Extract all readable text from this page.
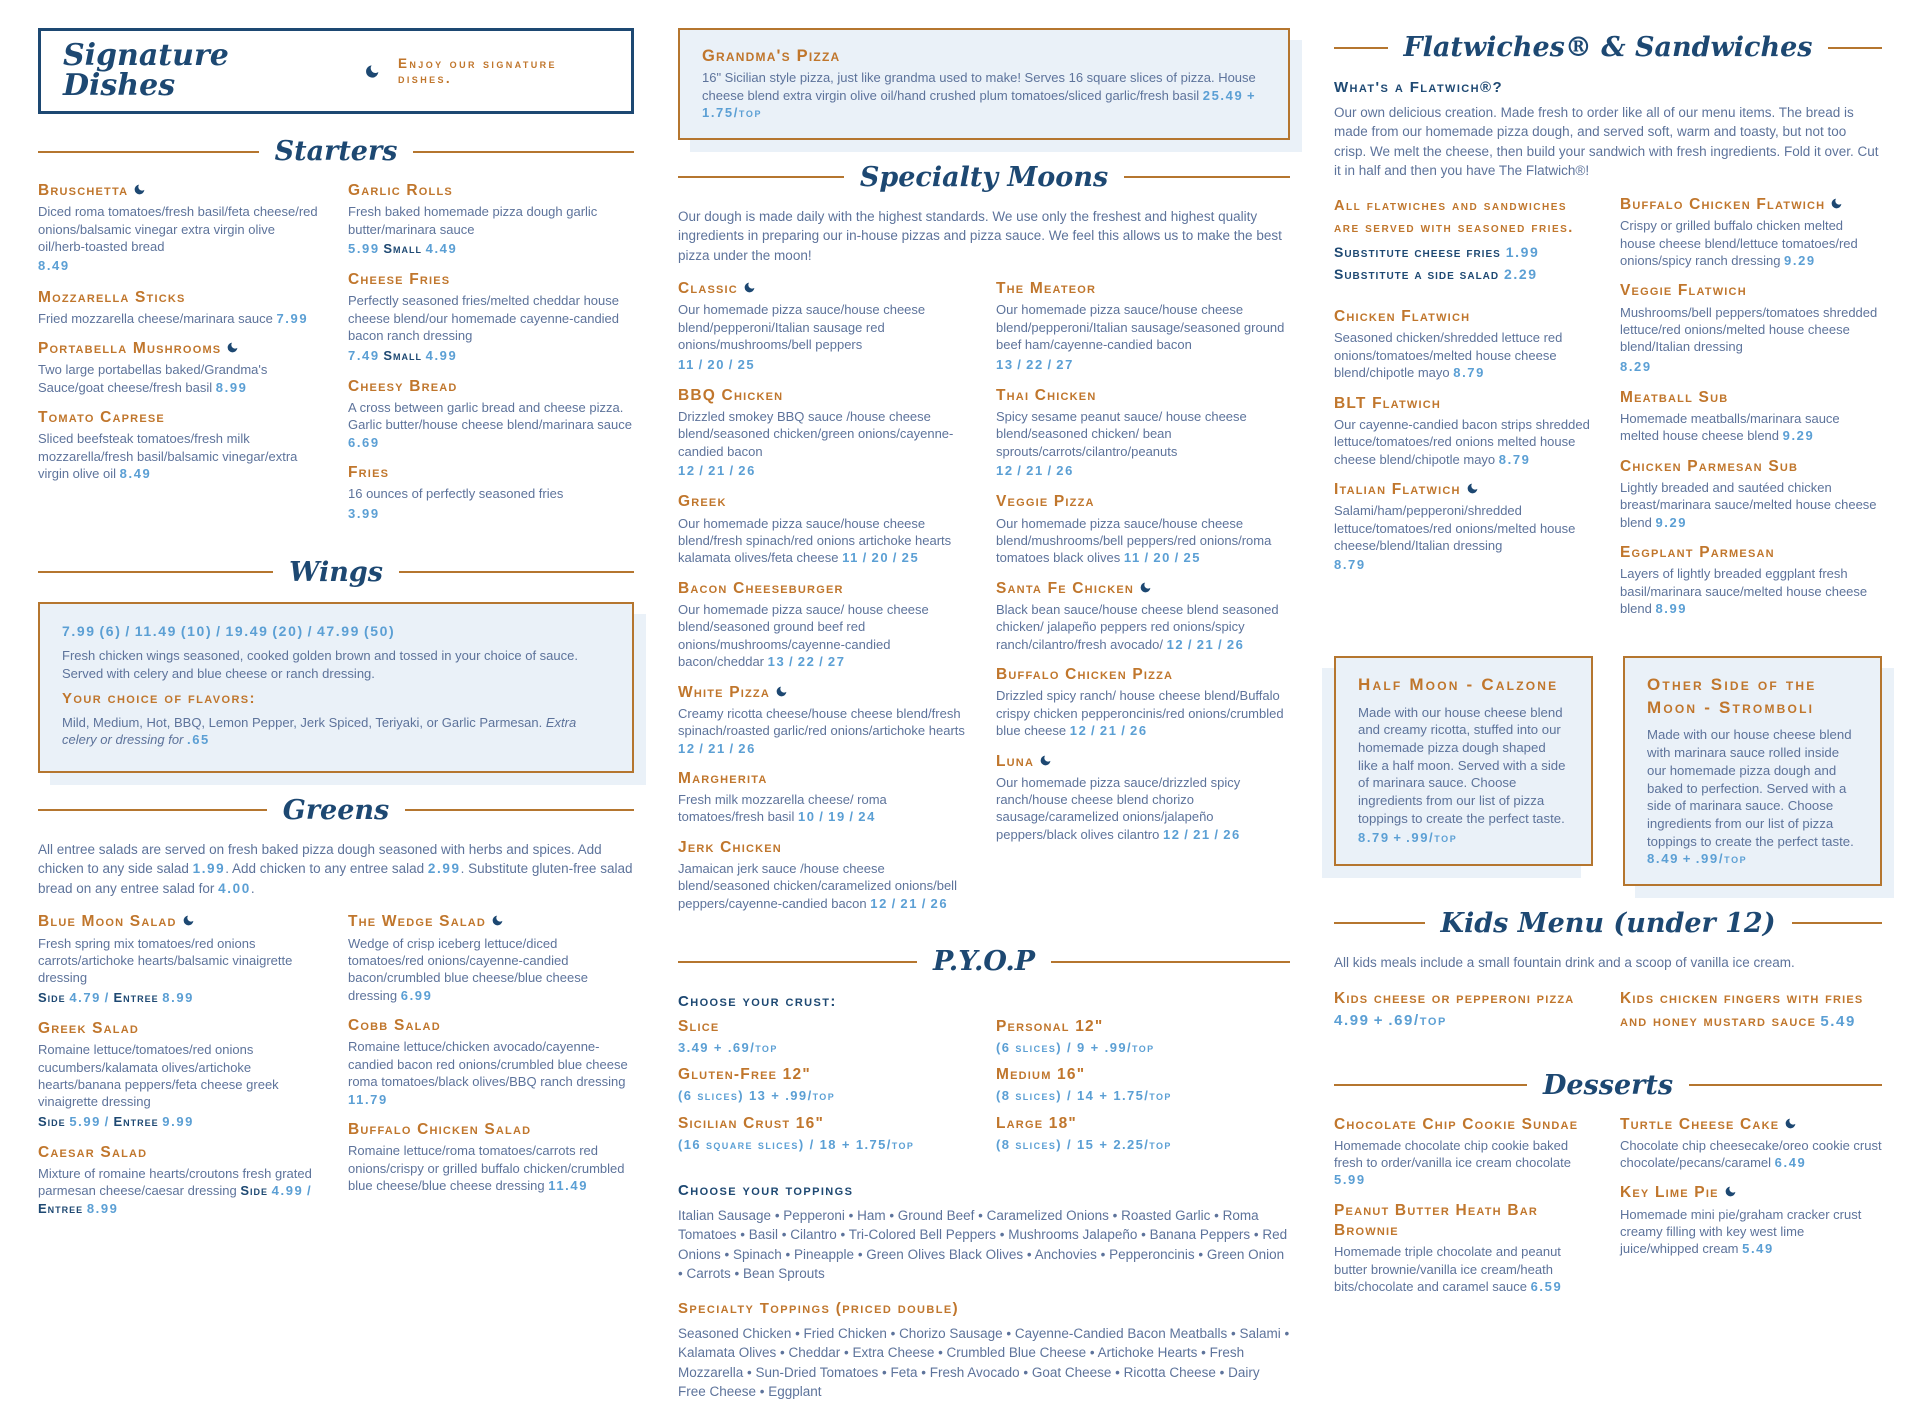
Signature Dishes
Enjoy our signature dishes.
Starters
Bruschetta

Diced roma tomatoes/fresh basil/feta cheese/red onions/balsamic vinegar extra virgin olive oil/herb-toasted bread

8.49
Mozzarella Sticks

Fried mozzarella cheese/marinara sauce 7.99

Portabella Mushrooms

Two large portabellas baked/Grandma's Sauce/goat cheese/fresh basil 8.99

Tomato Caprese

Sliced beefsteak tomatoes/fresh milk mozzarella/fresh basil/balsamic vinegar/extra virgin olive oil 8.49

Garlic Rolls

Fresh baked homemade pizza dough garlic butter/marinara sauce

5.99 Small 4.49
Cheese Fries

Perfectly seasoned fries/melted cheddar house cheese blend/our homemade cayenne-candied bacon ranch dressing

7.49 Small 4.99
Cheesy Bread

A cross between garlic bread and cheese pizza. Garlic butter/house cheese blend/marinara sauce 6.69

Fries

16 ounces of perfectly seasoned fries

3.99
Wings
7.99 (6) / 11.49 (10) / 19.49 (20) / 47.99 (50)

Fresh chicken wings seasoned, cooked golden brown and tossed in your choice of sauce. Served with celery and blue cheese or ranch dressing.

Your choice of flavors:

Mild, Medium, Hot, BBQ, Lemon Pepper, Jerk Spiced, Teriyaki, or Garlic Parmesan. Extra celery or dressing for .65

Greens

All entree salads are served on fresh baked pizza dough seasoned with herbs and spices. Add chicken to any side salad 1.99. Add chicken to any entree salad 2.99. Substitute gluten-free salad bread on any entree salad for 4.00.

Blue Moon Salad

Fresh spring mix tomatoes/red onions carrots/artichoke hearts/balsamic vinaigrette dressing

Side 4.79 / Entree 8.99
Greek Salad

Romaine lettuce/tomatoes/red onions cucumbers/kalamata olives/artichoke hearts/banana peppers/feta cheese greek vinaigrette dressing

Side 5.99 / Entree 9.99
Caesar Salad

Mixture of romaine hearts/croutons fresh grated parmesan cheese/caesar dressing Side 4.99 / Entree 8.99

The Wedge Salad

Wedge of crisp iceberg lettuce/diced tomatoes/red onions/cayenne-candied bacon/crumbled blue cheese/blue cheese dressing 6.99

Cobb Salad

Romaine lettuce/chicken avocado/cayenne-candied bacon red onions/crumbled blue cheese roma tomatoes/black olives/BBQ ranch dressing 11.79

Buffalo Chicken Salad

Romaine lettuce/roma tomatoes/carrots red onions/crispy or grilled buffalo chicken/crumbled blue cheese/blue cheese dressing 11.49

Grandma's Pizza

16" Sicilian style pizza, just like grandma used to make! Serves 16 square slices of pizza. House cheese blend extra virgin olive oil/hand crushed plum tomatoes/sliced garlic/fresh basil 25.49 + 1.75/top

Specialty Moons

Our dough is made daily with the highest standards. We use only the freshest and highest quality ingredients in preparing our in-house pizzas and pizza sauce. We feel this allows us to make the best pizza under the moon!

Classic

Our homemade pizza sauce/house cheese blend/pepperoni/Italian sausage red onions/mushrooms/bell peppers

11 / 20 / 25
BBQ Chicken

Drizzled smokey BBQ sauce /house cheese blend/seasoned chicken/green onions/cayenne-candied bacon

12 / 21 / 26
Greek

Our homemade pizza sauce/house cheese blend/fresh spinach/red onions artichoke hearts kalamata olives/feta cheese 11 / 20 / 25

Bacon Cheeseburger

Our homemade pizza sauce/ house cheese blend/seasoned ground beef red onions/mushrooms/cayenne-candied bacon/cheddar 13 / 22 / 27

White Pizza

Creamy ricotta cheese/house cheese blend/fresh spinach/roasted garlic/red onions/artichoke hearts 12 / 21 / 26

Margherita

Fresh milk mozzarella cheese/ roma tomatoes/fresh basil 10 / 19 / 24

Jerk Chicken

Jamaican jerk sauce /house cheese blend/seasoned chicken/caramelized onions/bell peppers/cayenne-candied bacon 12 / 21 / 26

The Meateor

Our homemade pizza sauce/house cheese blend/pepperoni/Italian sausage/seasoned ground beef ham/cayenne-candied bacon

13 / 22 / 27
Thai Chicken

Spicy sesame peanut sauce/ house cheese blend/seasoned chicken/ bean sprouts/carrots/cilantro/peanuts

12 / 21 / 26
Veggie Pizza

Our homemade pizza sauce/house cheese blend/mushrooms/bell peppers/red onions/roma tomatoes black olives 11 / 20 / 25

Santa Fe Chicken

Black bean sauce/house cheese blend seasoned chicken/ jalapeño peppers red onions/spicy ranch/cilantro/fresh avocado/ 12 / 21 / 26

Buffalo Chicken Pizza

Drizzled spicy ranch/ house cheese blend/Buffalo crispy chicken pepperoncinis/red onions/crumbled blue cheese 12 / 21 / 26

Luna

Our homemade pizza sauce/drizzled spicy ranch/house cheese blend chorizo sausage/caramelized onions/jalapeño peppers/black olives cilantro 12 / 21 / 26

P.Y.O.P
Choose your crust:
Slice
3.49 + .69/top
Gluten-Free 12"
(6 slices) 13 + .99/top
Sicilian Crust 16"
(16 square slices) / 18 + 1.75/top
Personal 12"
(6 slices) / 9 + .99/top
Medium 16"
(8 slices) / 14 + 1.75/top
Large 18"
(8 slices) / 15 + 2.25/top
Choose your toppings

Italian Sausage • Pepperoni • Ham • Ground Beef • Caramelized Onions • Roasted Garlic • Roma Tomatoes • Basil • Cilantro • Tri-Colored Bell Peppers • Mushrooms Jalapeño • Banana Peppers • Red Onions • Spinach • Pineapple • Green Olives Black Olives • Anchovies • Pepperoncinis • Green Onion • Carrots • Bean Sprouts

Specialty Toppings (priced double)

Seasoned Chicken • Fried Chicken • Chorizo Sausage • Cayenne-Candied Bacon Meatballs • Salami • Kalamata Olives • Cheddar • Extra Cheese • Crumbled Blue Cheese • Artichoke Hearts • Fresh Mozzarella • Sun-Dried Tomatoes • Feta • Fresh Avocado • Goat Cheese • Ricotta Cheese • Dairy Free Cheese • Eggplant

Flatwiches® & Sandwiches
What's a Flatwich®?

Our own delicious creation. Made fresh to order like all of our menu items. The bread is made from our homemade pizza dough, and served soft, warm and toasty, but not too crisp. We melt the cheese, then build your sandwich with fresh ingredients. Fold it over. Cut it in half and then you have The Flatwich®!

All flatwiches and sandwiches are served with seasoned fries.
Substitute cheese fries 1.99
Substitute a side salad 2.29
Chicken Flatwich

Seasoned chicken/shredded lettuce red onions/tomatoes/melted house cheese blend/chipotle mayo 8.79

BLT Flatwich

Our cayenne-candied bacon strips shredded lettuce/tomatoes/red onions melted house cheese blend/chipotle mayo 8.79

Italian Flatwich

Salami/ham/pepperoni/shredded lettuce/tomatoes/red onions/melted house cheese/blend/Italian dressing

8.79
Buffalo Chicken Flatwich

Crispy or grilled buffalo chicken melted house cheese blend/lettuce tomatoes/red onions/spicy ranch dressing 9.29

Veggie Flatwich

Mushrooms/bell peppers/tomatoes shredded lettuce/red onions/melted house cheese blend/Italian dressing

8.29
Meatball Sub

Homemade meatballs/marinara sauce melted house cheese blend 9.29

Chicken Parmesan Sub

Lightly breaded and sautéed chicken breast/marinara sauce/melted house cheese blend 9.29

Eggplant Parmesan

Layers of lightly breaded eggplant fresh basil/marinara sauce/melted house cheese blend 8.99

Half Moon - Calzone

Made with our house cheese blend and creamy ricotta, stuffed into our homemade pizza dough shaped like a half moon. Served with a side of marinara sauce. Choose ingredients from our list of pizza toppings to create the perfect taste.

8.79 + .99/top
Other Side of the Moon - Stromboli

Made with our house cheese blend with marinara sauce rolled inside our homemade pizza dough and baked to perfection. Served with a side of marinara sauce. Choose ingredients from our list of pizza toppings to create the perfect taste. 8.49 + .99/top

Kids Menu (under 12)

All kids meals include a small fountain drink and a scoop of vanilla ice cream.

Kids cheese or pepperoni pizza 4.99 + .69/top
Kids chicken fingers with fries and honey mustard sauce 5.49
Desserts
Chocolate Chip Cookie Sundae

Homemade chocolate chip cookie baked fresh to order/vanilla ice cream chocolate 5.99

Peanut Butter Heath Bar Brownie

Homemade triple chocolate and peanut butter brownie/vanilla ice cream/heath bits/chocolate and caramel sauce 6.59

Turtle Cheese Cake

Chocolate chip cheesecake/oreo cookie crust chocolate/pecans/caramel 6.49

Key Lime Pie

Homemade mini pie/graham cracker crust creamy filling with key west lime juice/whipped cream 5.49
